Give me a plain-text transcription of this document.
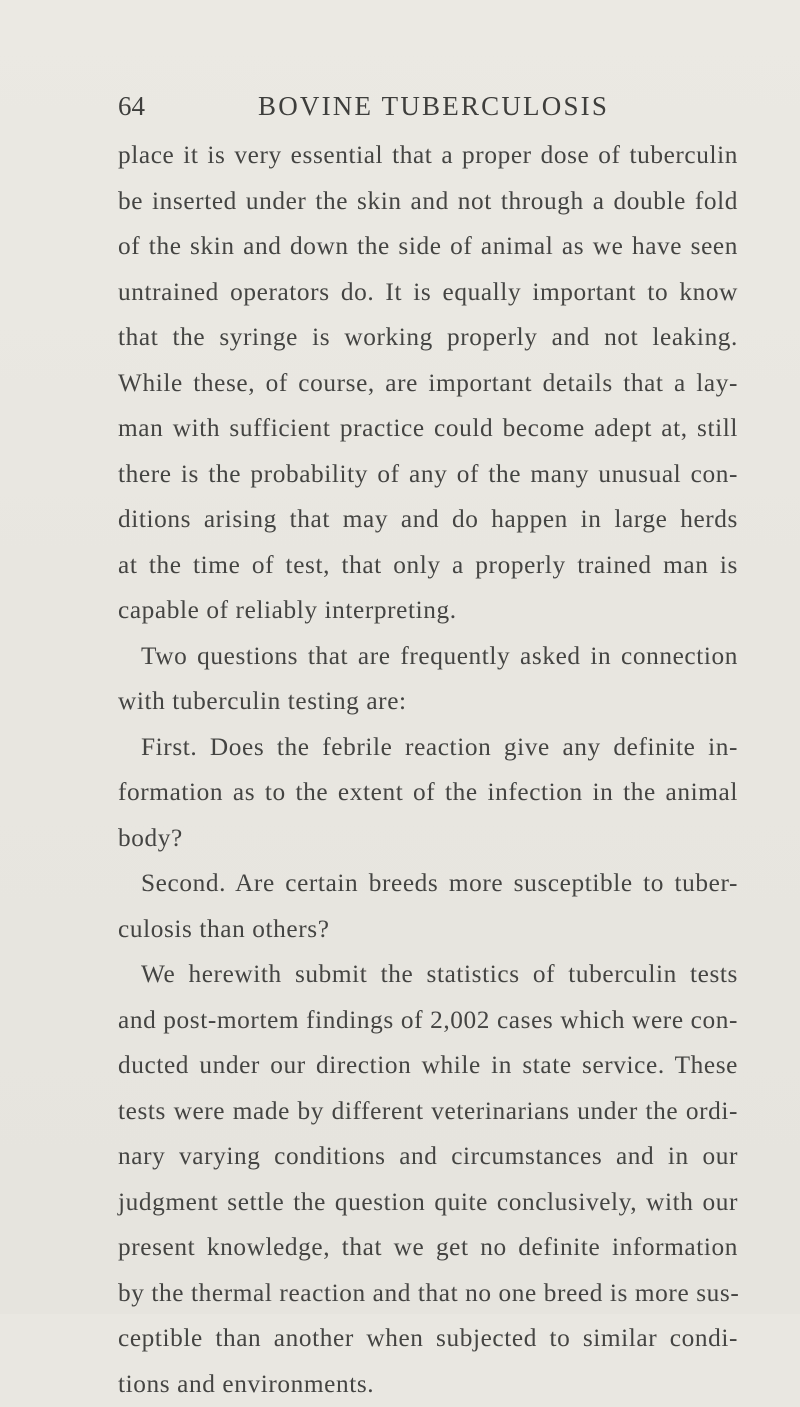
64	BOVINE TUBERCULOSIS
place it is very essential that a proper dose of tuberculin
be inserted under the skin and not through a double fold
of the skin and down the side of animal as we have seen
untrained operators do. It is equally important to know
that the syringe is working properly and not leaking.
While these, of course, are important details that a lay-
man with sufficient practice could become adept at, still
there is the probability of any of the many unusual con-
ditions arising that may and do happen in large herds
at the time of test, that only a properly trained man is
capable of reliably interpreting.
Two questions that are frequently asked in connection
with tuberculin testing are:
First. Does the febrile reaction give any definite in-
formation as to the extent of the infection in the animal
body?
Second. Are certain breeds more susceptible to tuber-
culosis than others?
We herewith submit the statistics of tuberculin tests
and post-mortem findings of 2,002 cases which were con-
ducted under our direction while in state service. These
tests were made by different veterinarians under the ordi-
nary varying conditions and circumstances and in our
judgment settle the question quite conclusively, with our
present knowledge, that we get no definite information
by the thermal reaction and that no one breed is more sus-
ceptible than another when subjected to similar condi-
tions and environments.
